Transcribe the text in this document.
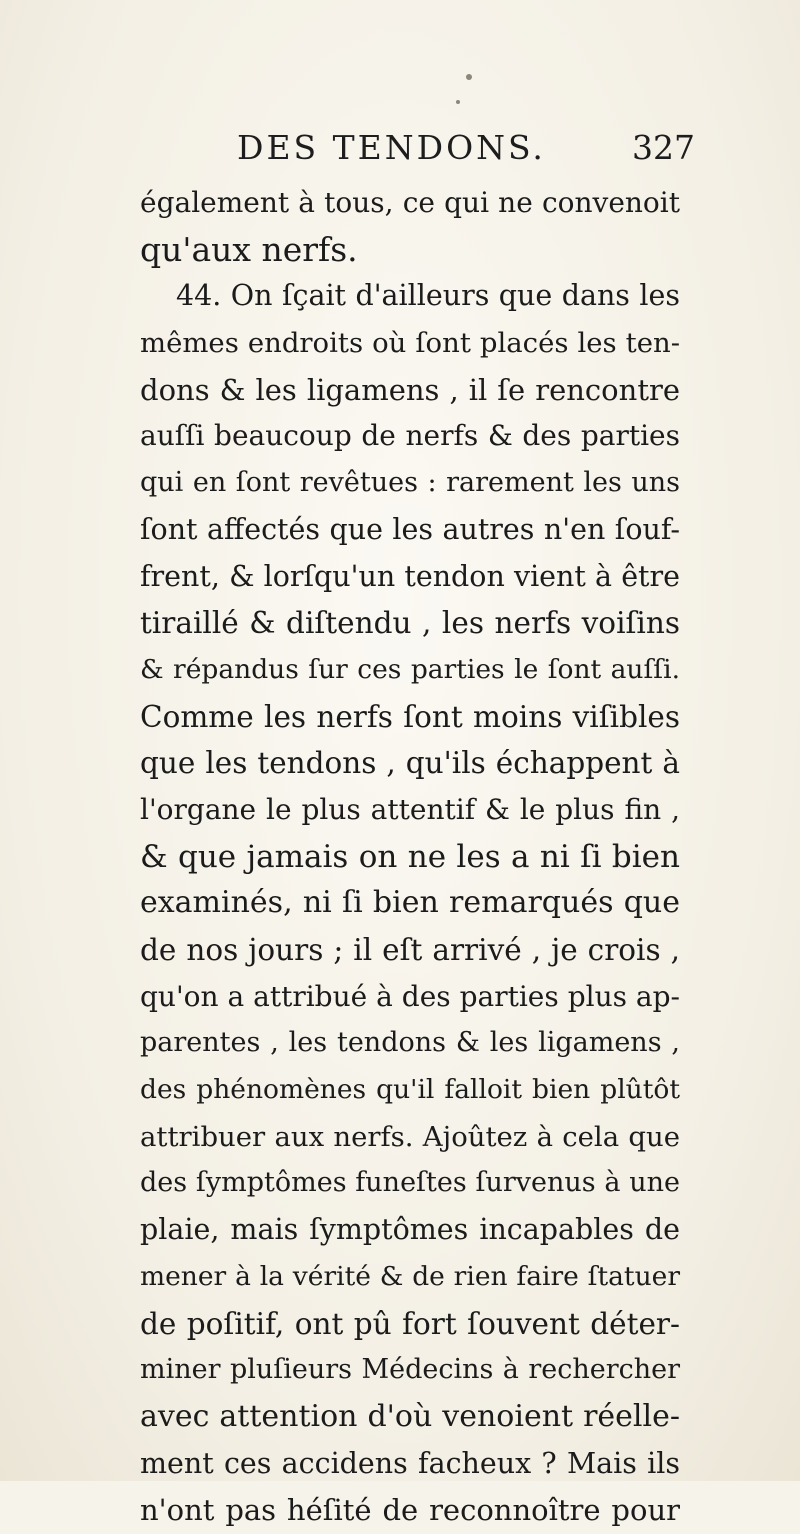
DES TENDONS.	327
également à tous, ce qui ne convenoit
qu'aux nerfs.
44. On ſçait d'ailleurs que dans les
mêmes endroits où ſont placés les ten-
dons & les ligamens , il ſe rencontre
auſſi beaucoup de nerfs & des parties
qui en ſont revêtues : rarement les uns
ſont affectés que les autres n'en ſouf-
frent, & lorſqu'un tendon vient à être
tiraillé & diſtendu , les nerfs voiſins
& répandus ſur ces parties le ſont auſſi.
Comme les nerfs ſont moins viſibles
que les tendons , qu'ils échappent à
l'organe le plus attentif & le plus fin ,
& que jamais on ne les a ni ſi bien
examinés, ni ſi bien remarqués que
de nos jours ; il eſt arrivé , je crois ,
qu'on a attribué à des parties plus ap-
parentes , les tendons & les ligamens ,
des phénomènes qu'il falloit bien plûtôt
attribuer aux nerfs. Ajoûtez à cela que
des ſymptômes funeſtes ſurvenus à une
plaie, mais ſymptômes incapables de
mener à la vérité & de rien faire ſtatuer
de poſitif, ont pû fort ſouvent déter-
miner pluſieurs Médecins à rechercher
avec attention d'où venoient réelle-
ment ces accidens facheux ? Mais ils
n'ont pas héſité de reconnoître pour
